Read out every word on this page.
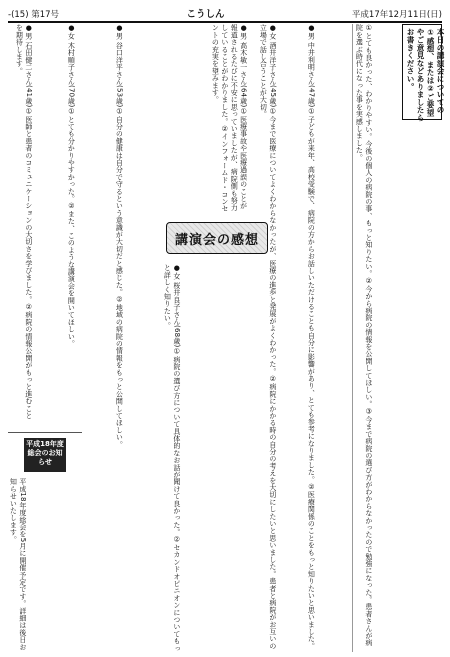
-(15) 第17号	こうしん	平成17年12月11日(日)
本日の講演会についての①感想、または②ご要望やご意見などありましたらお書きください。
①とても良かった、わかりやすい。今後の個人の病院の事、もっと知りたい。②今から病院の情報を公開してほしい。③今まで病院の選び方がわからなかったので勉強になった。患者さんが病院を選ぶ時代になった事を実感しました。
●男 中井利明さん(47歳)①子どもが来年、高校受験で、病院の方からお話しいただけることも自分に影響があり、とても参考になりました。②医療関係のことをもっと知りたいと思いました。
●女 酒井洋子さん(45歳)①今まで医療についてよくわからなかったが、医療の進歩と発展がよくわかった。②病院にかかる時の自分の考えを大切にしたいと思いました。患者と病院がお互いの立場で話し合うことが大切。
●男 高木敏一さん(64歳)①医療事故や医療過誤のことが報道されるたびに不安に思っていましたが、病院側も努力していることがわかりました。②インフォームド・コンセントの充実を望みます。
講演会の感想
●女 桜井良子さん(68歳)①病院の選び方について具体的なお話が聞けて良かった。②セカンドオピニオンについてもっと詳しく知りたい。
●男 谷口洋平さん(53歳)①自分の健康は自分で守るという意識が大切だと感じた。②地域の病院の情報をもっと公開してほしい。
●女 木村順子さん(70歳)①とても分かりやすかった。②また、このような講演会を開いてほしい。
●男 石田健二さん(41歳)①医師と患者のコミュニケーションの大切さを学びました。②病院の情報公開がもっと進むことを期待します。
平成18年度総会のお知らせ
平成18年度総会を5月に開催予定です。詳細は後日お知らせいたします。
